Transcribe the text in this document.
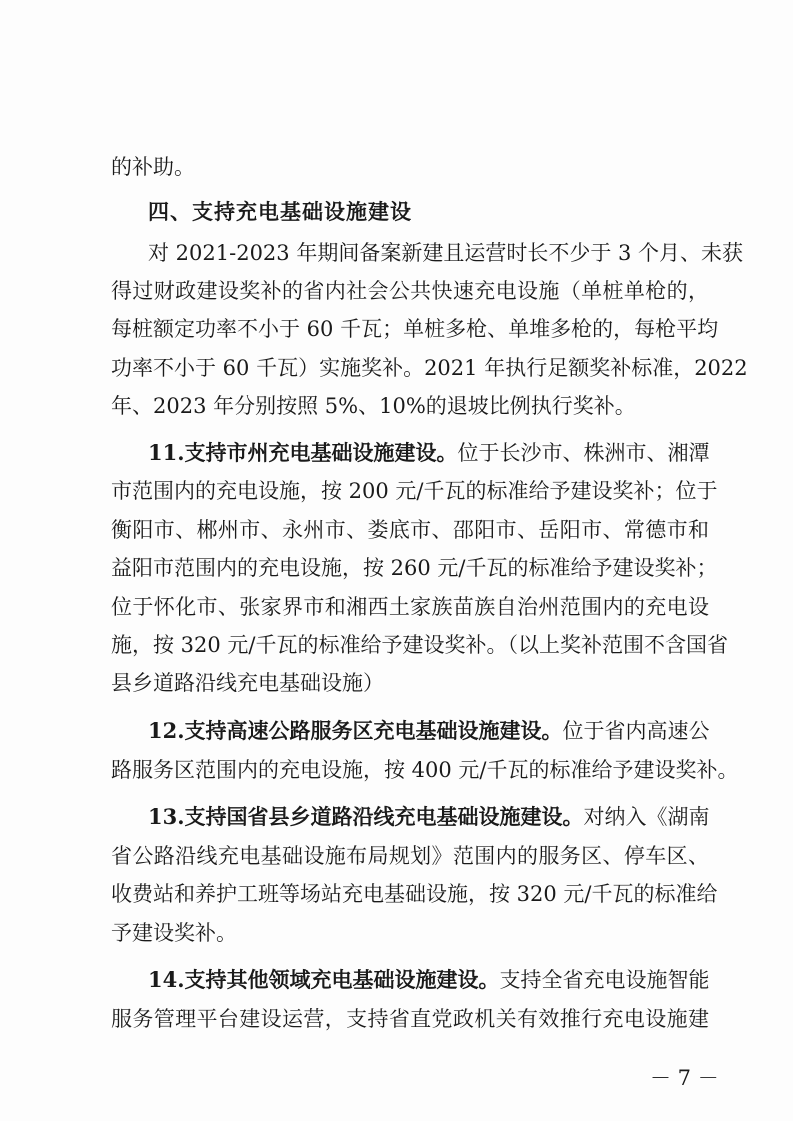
的补助。
四、支持充电基础设施建设
对 2021-2023 年期间备案新建且运营时长不少于 3 个月、未获
得过财政建设奖补的省内社会公共快速充电设施（单桩单枪的，
每桩额定功率不小于 60 千瓦；单桩多枪、单堆多枪的，每枪平均
功率不小于 60 千瓦）实施奖补。2021 年执行足额奖补标准，2022
年、2023 年分别按照 5%、10%的退坡比例执行奖补。
11.支持市州充电基础设施建设。位于长沙市、株洲市、湘潭
市范围内的充电设施，按 200 元/千瓦的标准给予建设奖补；位于
衡阳市、郴州市、永州市、娄底市、邵阳市、岳阳市、常德市和
益阳市范围内的充电设施，按 260 元/千瓦的标准给予建设奖补；
位于怀化市、张家界市和湘西土家族苗族自治州范围内的充电设
施，按 320 元/千瓦的标准给予建设奖补。（以上奖补范围不含国省
县乡道路沿线充电基础设施）
12.支持高速公路服务区充电基础设施建设。位于省内高速公
路服务区范围内的充电设施，按 400 元/千瓦的标准给予建设奖补。
13.支持国省县乡道路沿线充电基础设施建设。对纳入《湖南
省公路沿线充电基础设施布局规划》范围内的服务区、停车区、
收费站和养护工班等场站充电基础设施，按 320 元/千瓦的标准给
予建设奖补。
14.支持其他领域充电基础设施建设。支持全省充电设施智能
服务管理平台建设运营，支持省直党政机关有效推行充电设施建
－ 7 －
